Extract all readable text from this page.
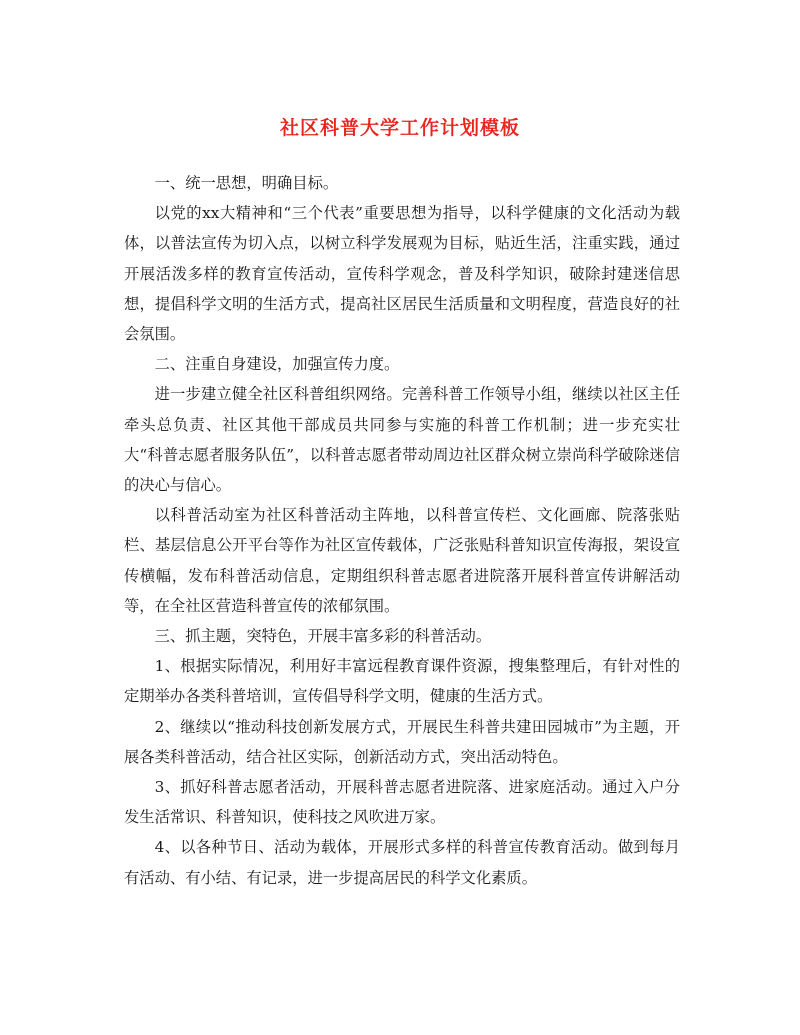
社区科普大学工作计划模板

一、统一思想，明确目标。

以党的xx大精神和“三个代表”重要思想为指导，以科学健康的文化活动为载体，以普法宣传为切入点，以树立科学发展观为目标，贴近生活，注重实践，通过开展活泼多样的教育宣传活动，宣传科学观念，普及科学知识，破除封建迷信思想，提倡科学文明的生活方式，提高社区居民生活质量和文明程度，营造良好的社会氛围。

二、注重自身建设，加强宣传力度。

进一步建立健全社区科普组织网络。完善科普工作领导小组，继续以社区主任牵头总负责、社区其他干部成员共同参与实施的科普工作机制；进一步充实壮大“科普志愿者服务队伍”，以科普志愿者带动周边社区群众树立崇尚科学破除迷信的决心与信心。

以科普活动室为社区科普活动主阵地，以科普宣传栏、文化画廊、院落张贴栏、基层信息公开平台等作为社区宣传载体，广泛张贴科普知识宣传海报，架设宣传横幅，发布科普活动信息，定期组织科普志愿者进院落开展科普宣传讲解活动等，在全社区营造科普宣传的浓郁氛围。

三、抓主题，突特色，开展丰富多彩的科普活动。

1、根据实际情况，利用好丰富远程教育课件资源，搜集整理后，有针对性的定期举办各类科普培训，宣传倡导科学文明，健康的生活方式。

2、继续以“推动科技创新发展方式，开展民生科普共建田园城市”为主题，开展各类科普活动，结合社区实际，创新活动方式，突出活动特色。

3、抓好科普志愿者活动，开展科普志愿者进院落、进家庭活动。通过入户分发生活常识、科普知识，使科技之风吹进万家。

4、以各种节日、活动为载体，开展形式多样的科普宣传教育活动。做到每月有活动、有小结、有记录，进一步提高居民的科学文化素质。
